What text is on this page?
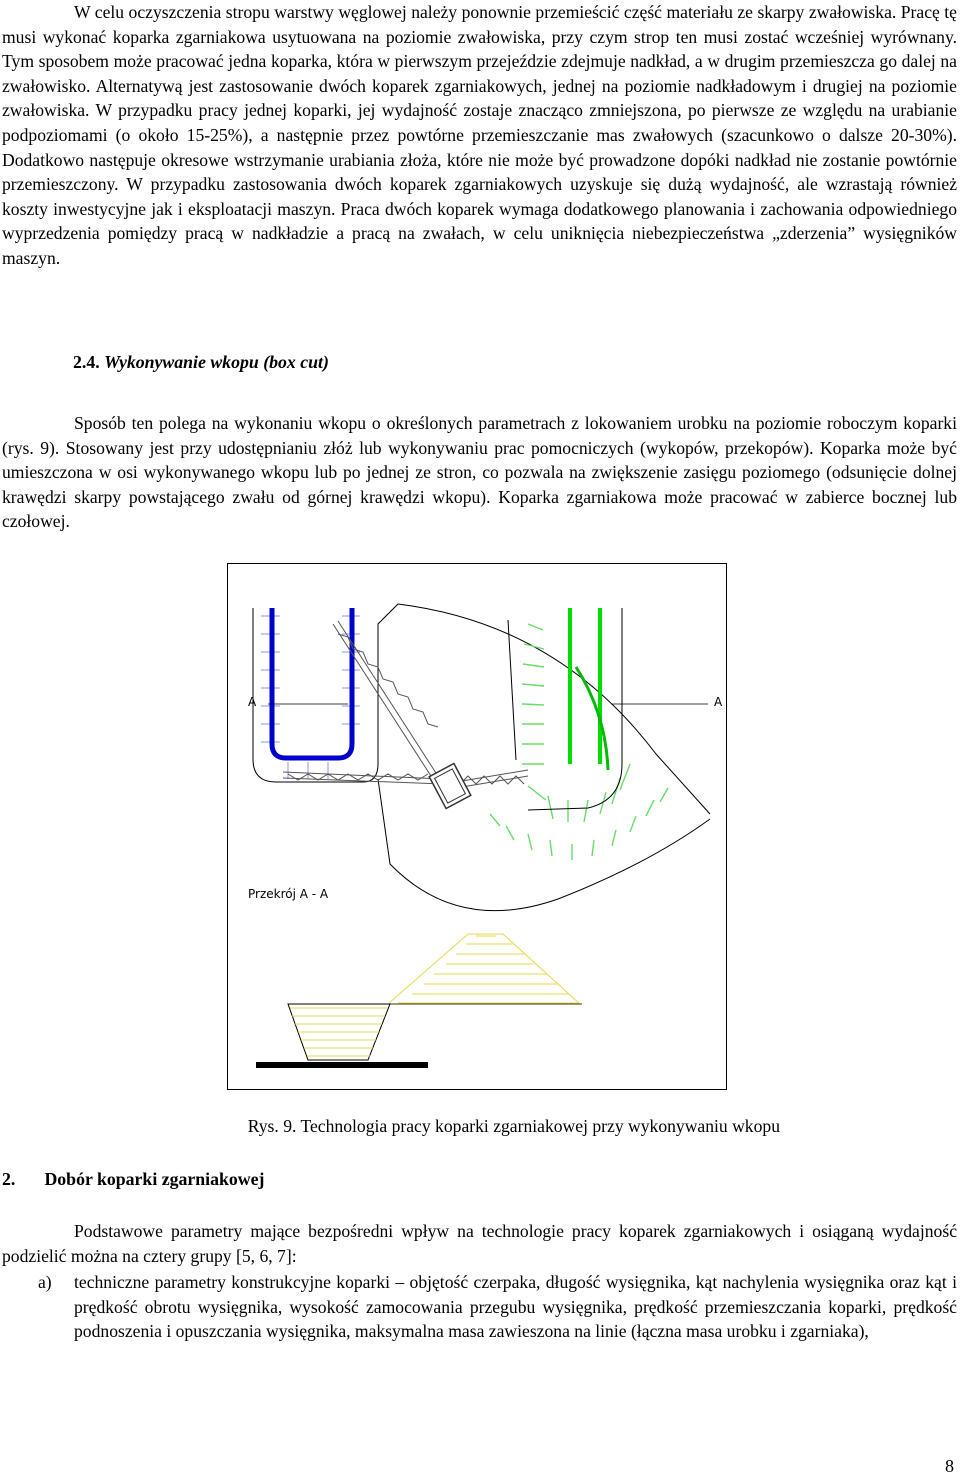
W celu oczyszczenia stropu warstwy węglowej należy ponownie przemieścić część materiału ze skarpy zwałowiska. Pracę tę musi wykonać koparka zgarniakowa usytuowana na poziomie zwałowiska, przy czym strop ten musi zostać wcześniej wyrównany. Tym sposobem może pracować jedna koparka, która w pierwszym przejeździe zdejmuje nadkład, a w drugim przemieszcza go dalej na zwałowisko. Alternatywą jest zastosowanie dwóch koparek zgarniakowych, jednej na poziomie nadkładowym i drugiej na poziomie zwałowiska. W przypadku pracy jednej koparki, jej wydajność zostaje znacząco zmniejszona, po pierwsze ze względu na urabianie podpoziomami (o około 15-25%), a następnie przez powtórne przemieszczanie mas zwałowych (szacunkowo o dalsze 20-30%). Dodatkowo następuje okresowe wstrzymanie urabiania złoża, które nie może być prowadzone dopóki nadkład nie zostanie powtórnie przemieszczony. W przypadku zastosowania dwóch koparek zgarniakowych uzyskuje się dużą wydajność, ale wzrastają również koszty inwestycyjne jak i eksploatacji maszyn. Praca dwóch koparek wymaga dodatkowego planowania i zachowania odpowiedniego wyprzedzenia pomiędzy pracą w nadkładzie a pracą na zwałach, w celu uniknięcia niebezpieczeństwa „zderzenia” wysięgników maszyn.

2.4. Wykonywanie wkopu (box cut)

Sposób ten polega na wykonaniu wkopu o określonych parametrach z lokowaniem urobku na poziomie roboczym koparki (rys. 9). Stosowany jest przy udostępnianiu złóż lub wykonywaniu prac pomocniczych (wykopów, przekopów). Koparka może być umieszczona w osi wykonywanego wkopu lub po jednej ze stron, co pozwala na zwiększenie zasięgu poziomego (odsunięcie dolnej krawędzi skarpy powstającego zwału od górnej krawędzi wkopu). Koparka zgarniakowa może pracować w zabierce bocznej lub czołowej.

A	A
Przekrój A - A

Rys. 9. Technologia pracy koparki zgarniakowej przy wykonywaniu wkopu

2. Dobór koparki zgarniakowej

Podstawowe parametry mające bezpośredni wpływ na technologie pracy koparek zgarniakowych i osiąganą wydajność podzielić można na cztery grupy [5, 6, 7]:

a) techniczne parametry konstrukcyjne koparki – objętość czerpaka, długość wysięgnika, kąt nachylenia wysięgnika oraz kąt i prędkość obrotu wysięgnika, wysokość zamocowania przegubu wysięgnika, prędkość przemieszczania koparki, prędkość podnoszenia i opuszczania wysięgnika, maksymalna masa zawieszona na linie (łączna masa urobku i zgarniaka),
8
